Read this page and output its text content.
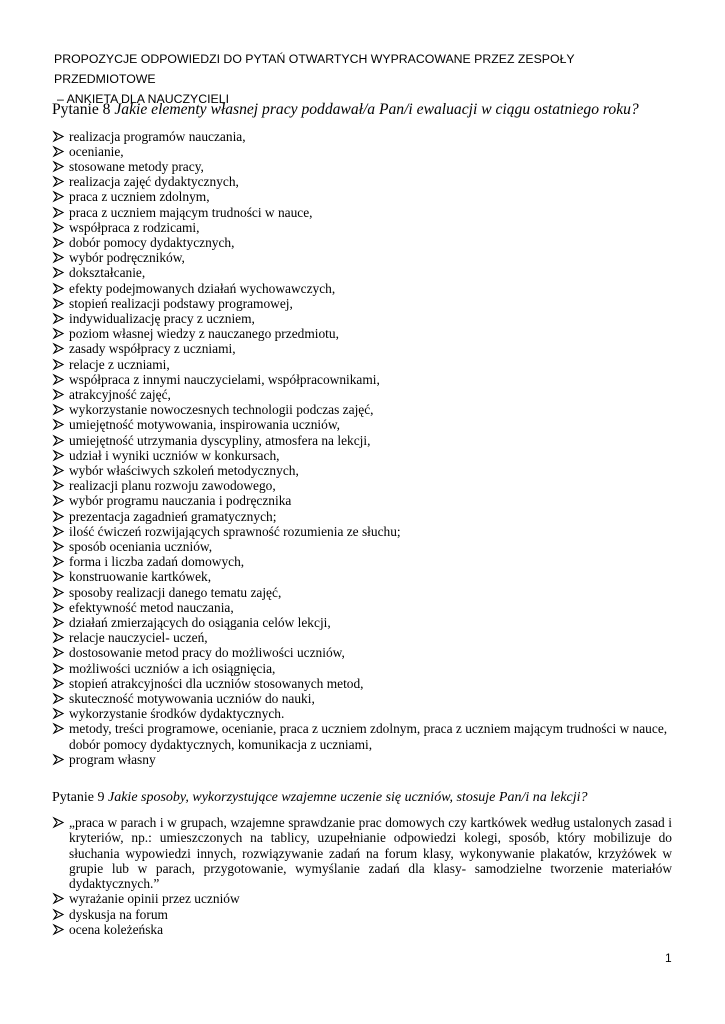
PROPOZYCJE ODPOWIEDZI DO PYTAŃ OTWARTYCH WYPRACOWANE PRZEZ ZESPOŁY PRZEDMIOTOWE
– ANKIETA DLA NAUCZYCIELI
Pytanie 8 Jakie elementy własnej pracy poddawał/a Pan/i ewaluacji w ciągu ostatniego roku?
realizacja programów nauczania,
ocenianie,
stosowane metody pracy,
realizacja zajęć dydaktycznych,
praca z uczniem zdolnym,
praca z uczniem mającym trudności w nauce,
współpraca z rodzicami,
dobór pomocy dydaktycznych,
wybór podręczników,
dokształcanie,
efekty podejmowanych działań wychowawczych,
stopień realizacji podstawy programowej,
indywidualizację pracy z uczniem,
poziom własnej wiedzy z nauczanego przedmiotu,
zasady współpracy z uczniami,
relacje z uczniami,
współpraca z innymi nauczycielami, współpracownikami,
atrakcyjność zajęć,
wykorzystanie nowoczesnych technologii podczas zajęć,
umiejętność motywowania, inspirowania uczniów,
umiejętność utrzymania dyscypliny, atmosfera na lekcji,
udział i wyniki uczniów w konkursach,
wybór właściwych szkoleń metodycznych,
realizacji planu rozwoju zawodowego,
wybór programu nauczania i podręcznika
prezentacja zagadnień gramatycznych;
ilość ćwiczeń rozwijających sprawność rozumienia ze słuchu;
sposób oceniania uczniów,
forma i liczba zadań domowych,
konstruowanie kartkówek,
sposoby realizacji danego tematu zajęć,
efektywność metod nauczania,
działań zmierzających do osiągania celów lekcji,
relacje nauczyciel- uczeń,
dostosowanie metod pracy do możliwości uczniów,
możliwości uczniów a ich osiągnięcia,
stopień atrakcyjności dla uczniów stosowanych metod,
skuteczność motywowania uczniów do nauki,
wykorzystanie środków dydaktycznych.
metody, treści programowe, ocenianie, praca z uczniem zdolnym, praca z uczniem mającym trudności w nauce, dobór pomocy dydaktycznych, komunikacja z uczniami,
program własny
Pytanie 9 Jakie sposoby, wykorzystujące wzajemne uczenie się uczniów, stosuje Pan/i na lekcji?
„praca w parach i w grupach, wzajemne sprawdzanie prac domowych czy kartkówek według ustalonych zasad i kryteriów, np.: umieszczonych na tablicy, uzupełnianie odpowiedzi kolegi, sposób, który mobilizuje do słuchania wypowiedzi innych, rozwiązywanie zadań na forum klasy, wykonywanie plakatów, krzyżówek w grupie lub w parach, przygotowanie, wymyślanie zadań dla klasy- samodzielne tworzenie materiałów dydaktycznych.”
wyrażanie opinii przez uczniów
dyskusja na forum
ocena koleżeńska
1
